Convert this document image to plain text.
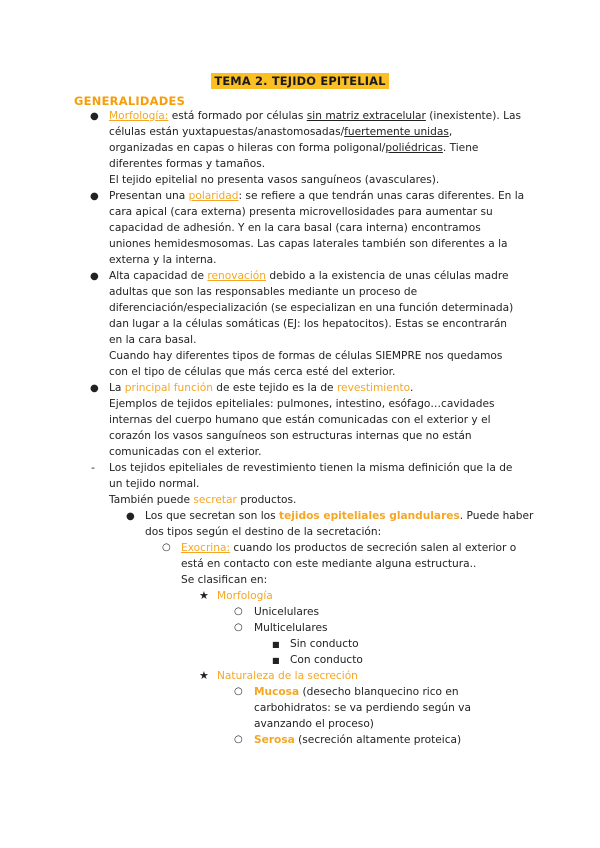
TEMA 2. TEJIDO EPITELIAL
GENERALIDADES
● Morfología: está formado por células sin matriz extracelular (inexistente). Las
células están yuxtapuestas/anastomosadas/fuertemente unidas,
organizadas en capas o hileras con forma poligonal/poliédricas. Tiene
diferentes formas y tamaños.
El tejido epitelial no presenta vasos sanguíneos (avasculares).
● Presentan una polaridad: se refiere a que tendrán unas caras diferentes. En la
cara apical (cara externa) presenta microvellosidades para aumentar su
capacidad de adhesión. Y en la cara basal (cara interna) encontramos
uniones hemidesmosomas. Las capas laterales también son diferentes a la
externa y la interna.
● Alta capacidad de renovación debido a la existencia de unas células madre
adultas que son las responsables mediante un proceso de
diferenciación/especialización (se especializan en una función determinada)
dan lugar a la células somáticas (EJ: los hepatocitos). Estas se encontrarán
en la cara basal.
Cuando hay diferentes tipos de formas de células SIEMPRE nos quedamos
con el tipo de células que más cerca esté del exterior.
● La principal función de este tejido es la de revestimiento.
Ejemplos de tejidos epiteliales: pulmones, intestino, esófago…cavidades
internas del cuerpo humano que están comunicadas con el exterior y el
corazón los vasos sanguíneos son estructuras internas que no están
comunicadas con el exterior.
- Los tejidos epiteliales de revestimiento tienen la misma definición que la de
un tejido normal.
También puede secretar productos.
● Los que secretan son los tejidos epiteliales glandulares. Puede haber
dos tipos según el destino de la secretación:
○ Exocrina: cuando los productos de secreción salen al exterior o
está en contacto con este mediante alguna estructura..
Se clasifican en:
★ Morfología
○ Unicelulares
○ Multicelulares
■ Sin conducto
■ Con conducto
★ Naturaleza de la secreción
○ Mucosa (desecho blanquecino rico en
carbohidratos: se va perdiendo según va
avanzando el proceso)
○ Serosa (secreción altamente proteica)
